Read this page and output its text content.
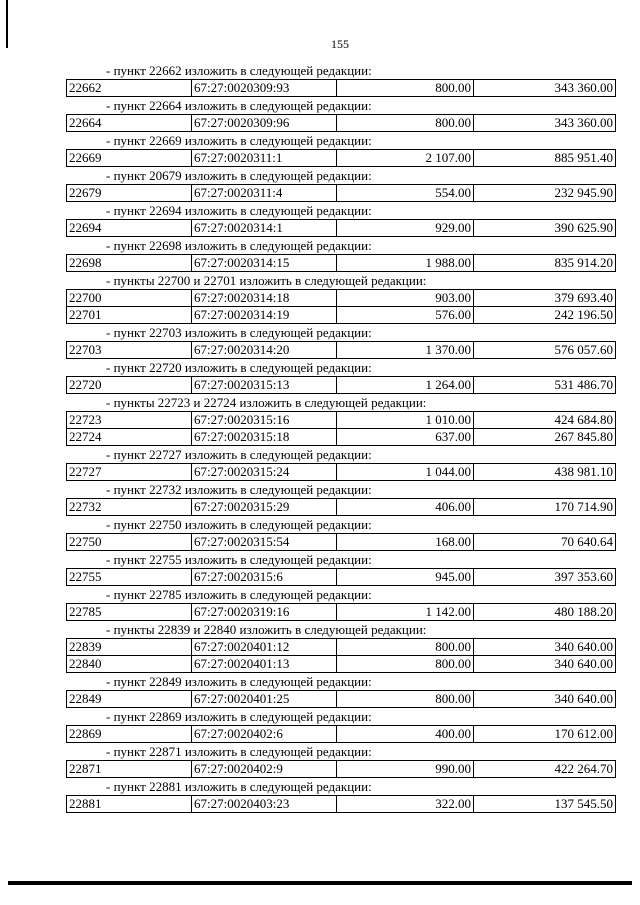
155
- пункт 22662 изложить в следующей редакции:
22662	67:27:0020309:93	800.00	343 360.00
- пункт 22664 изложить в следующей редакции:
22664	67:27:0020309:96	800.00	343 360.00
- пункт 22669 изложить в следующей редакции:
22669	67:27:0020311:1	2 107.00	885 951.40
- пункт 20679 изложить в следующей редакции:
22679	67:27:0020311:4	554.00	232 945.90
- пункт 22694 изложить в следующей редакции:
22694	67:27:0020314:1	929.00	390 625.90
- пункт 22698 изложить в следующей редакции:
22698	67:27:0020314:15	1 988.00	835 914.20
- пункты 22700 и 22701 изложить в следующей редакции:
22700	67:27:0020314:18	903.00	379 693.40
22701	67:27:0020314:19	576.00	242 196.50
- пункт 22703 изложить в следующей редакции:
22703	67:27:0020314:20	1 370.00	576 057.60
- пункт 22720 изложить в следующей редакции:
22720	67:27:0020315:13	1 264.00	531 486.70
- пункты 22723 и 22724 изложить в следующей редакции:
22723	67:27:0020315:16	1 010.00	424 684.80
22724	67:27:0020315:18	637.00	267 845.80
- пункт 22727 изложить в следующей редакции:
22727	67:27:0020315:24	1 044.00	438 981.10
- пункт 22732 изложить в следующей редакции:
22732	67:27:0020315:29	406.00	170 714.90
- пункт 22750 изложить в следующей редакции:
22750	67:27:0020315:54	168.00	70 640.64
- пункт 22755 изложить в следующей редакции:
22755	67:27:0020315:6	945.00	397 353.60
- пункт 22785 изложить в следующей редакции:
22785	67:27:0020319:16	1 142.00	480 188.20
- пункты 22839 и 22840 изложить в следующей редакции:
22839	67:27:0020401:12	800.00	340 640.00
22840	67:27:0020401:13	800.00	340 640.00
- пункт 22849 изложить в следующей редакции:
22849	67:27:0020401:25	800.00	340 640.00
- пункт 22869 изложить в следующей редакции:
22869	67:27:0020402:6	400.00	170 612.00
- пункт 22871 изложить в следующей редакции:
22871	67:27:0020402:9	990.00	422 264.70
- пункт 22881 изложить в следующей редакции:
22881	67:27:0020403:23	322.00	137 545.50
